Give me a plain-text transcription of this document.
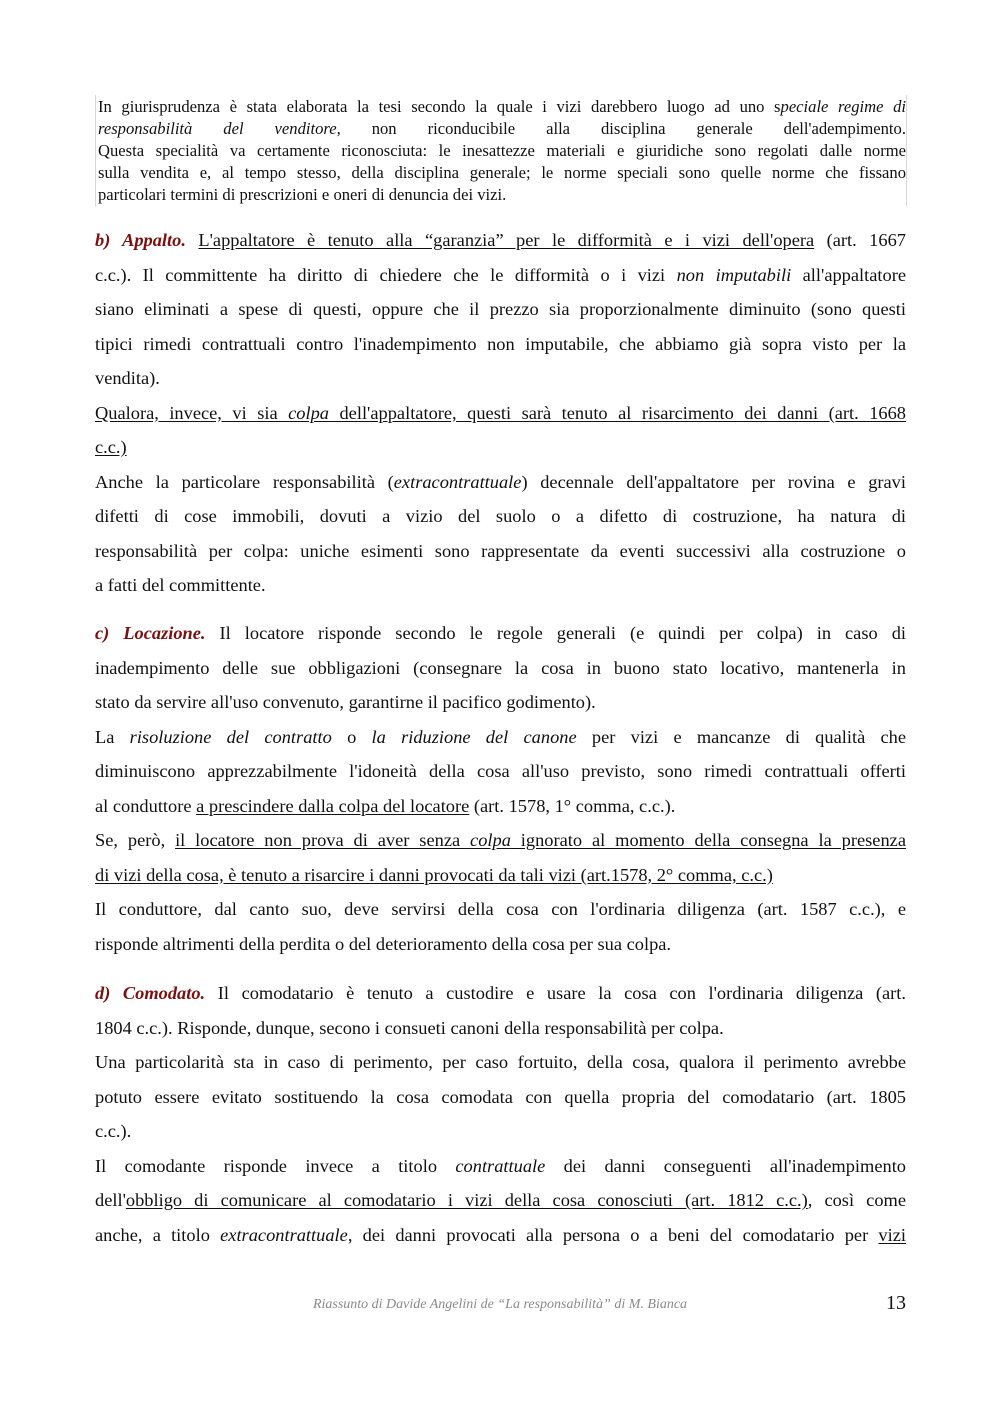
In giurisprudenza è stata elaborata la tesi secondo la quale i vizi darebbero luogo ad uno speciale regime di
responsabilità del venditore, non riconducibile alla disciplina generale dell'adempimento.
Questa specialità va certamente riconosciuta: le inesattezze materiali e giuridiche sono regolati dalle norme
sulla vendita e, al tempo stesso, della disciplina generale; le norme speciali sono quelle norme che fissano
particolari termini di prescrizioni e oneri di denuncia dei vizi.
b) Appalto. L'appaltatore è tenuto alla “garanzia” per le difformità e i vizi dell'opera (art. 1667
c.c.). Il committente ha diritto di chiedere che le difformità o i vizi non imputabili all'appaltatore
siano eliminati a spese di questi, oppure che il prezzo sia proporzionalmente diminuito (sono questi
tipici rimedi contrattuali contro l'inadempimento non imputabile, che abbiamo già sopra visto per la
vendita).
Qualora, invece, vi sia colpa dell'appaltatore, questi sarà tenuto al risarcimento dei danni (art. 1668
c.c.)
Anche la particolare responsabilità (extracontrattuale) decennale dell'appaltatore per rovina e gravi
difetti di cose immobili, dovuti a vizio del suolo o a difetto di costruzione, ha natura di
responsabilità per colpa: uniche esimenti sono rappresentate da eventi successivi alla costruzione o
a fatti del committente.
c) Locazione. Il locatore risponde secondo le regole generali (e quindi per colpa) in caso di
inadempimento delle sue obbligazioni (consegnare la cosa in buono stato locativo, mantenerla in
stato da servire all'uso convenuto, garantirne il pacifico godimento).
La risoluzione del contratto o la riduzione del canone per vizi e mancanze di qualità che
diminuiscono apprezzabilmente l'idoneità della cosa all'uso previsto, sono rimedi contrattuali offerti
al conduttore a prescindere dalla colpa del locatore (art. 1578, 1° comma, c.c.).
Se, però, il locatore non prova di aver senza colpa ignorato al momento della consegna la presenza
di vizi della cosa, è tenuto a risarcire i danni provocati da tali vizi (art.1578, 2° comma, c.c.)
Il conduttore, dal canto suo, deve servirsi della cosa con l'ordinaria diligenza (art. 1587 c.c.), e
risponde altrimenti della perdita o del deterioramento della cosa per sua colpa.
d) Comodato. Il comodatario è tenuto a custodire e usare la cosa con l'ordinaria diligenza (art.
1804 c.c.). Risponde, dunque, secono i consueti canoni della responsabilità per colpa.
Una particolarità sta in caso di perimento, per caso fortuito, della cosa, qualora il perimento avrebbe
potuto essere evitato sostituendo la cosa comodata con quella propria del comodatario (art. 1805
c.c.).
Il comodante risponde invece a titolo contrattuale dei danni conseguenti all'inadempimento
dell'obbligo di comunicare al comodatario i vizi della cosa conosciuti (art. 1812 c.c.), così come
anche, a titolo extracontrattuale, dei danni provocati alla persona o a beni del comodatario per vizi
Riassunto di Davide Angelini de “La responsabilità” di M. Bianca	13
